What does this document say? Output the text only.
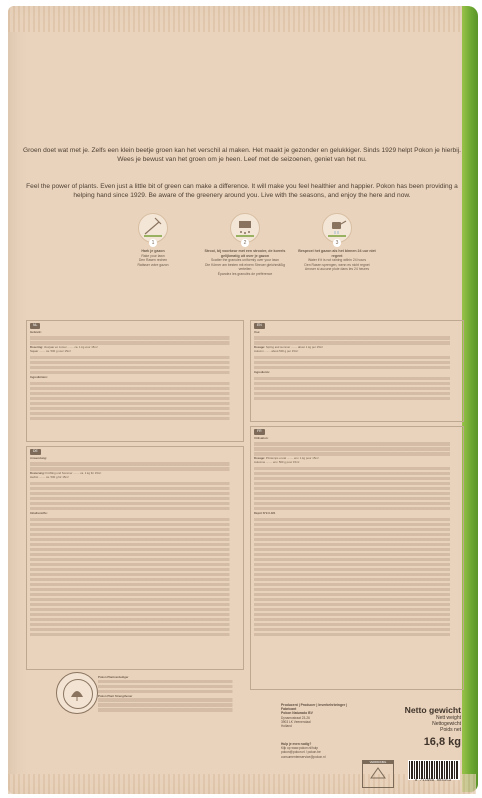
Groen doet wat met je. Zelfs een klein beetje groen kan het verschil al maken. Het maakt je gezonder en gelukkiger. Sinds 1929 helpt Pokon je hierbij. Wees je bewust van het groen om je heen. Leef met de seizoenen, geniet van het nu.
Feel the power of plants. Even just a little bit of green can make a difference. It will make you feel healthier and happier. Pokon has been providing a helping hand since 1929. Be aware of the greenery around you. Live with the seasons, and enjoy the here and now.
1
Hark je gazon
Rake your lawn
Den Rasen rechen
Ratisser votre gazon
2
Strooi, bij voorkeur met een strooier, de korrels gelijkmatig uit over je gazon
Scatter the granules uniformly over your lawn
Die Körner am besten mit einem Streuer gleichmäßig verteilen
Épandez les granulés de préférence
3
Besproei het gazon als het binnen 24 uur niet regent
Water if it is not raining within 24 hours
Den Rasen sprengen, wenn es nicht regnet
Arroser si aucune pluie dans les 24 heures
NL

Gebruik:

Dosering: Voorjaar en zomer ........ ca. 1 kg voor 15m²
Najaar ........ ca. 500 g voor 15m²

Ingrediënten:

EN

Use:

Dosage: Spring and summer ........ about 1 kg per 15m²
Autumn ........ about 500 g per 15m²

Ingredients:

DE

Anwendung:

Dosierung: Frühling und Sommer ........ ca. 1 kg für 15m²
Herbst ........ ca. 500 g für 15m²

Inhaltsstoffe:

FR

Utilisation:

Dosage: Printemps et été ........ env. 1 kg pour 15m²
Automne ........ env. 500 g pour 15m²

Dépôt N°2-0-021

Pokon Plantverdediger

Pokon Plant Strengthener

Producent | Producer | Inverkehrbringer | Fabricant
Pokon Naturado BV
Dynamostraat 23-26
3903 LK Veenendaal
Holland
Hulp je even nodig?
Kijk op www.pokon.nl/hulp
pokon@pokon.nl / pokon.be
consumentenservice@pokon.nl
Netto gewicht
Nett weight
Nettogewicht
Poids net
16,8 kg
VERPAKKING
8 711969 004153
